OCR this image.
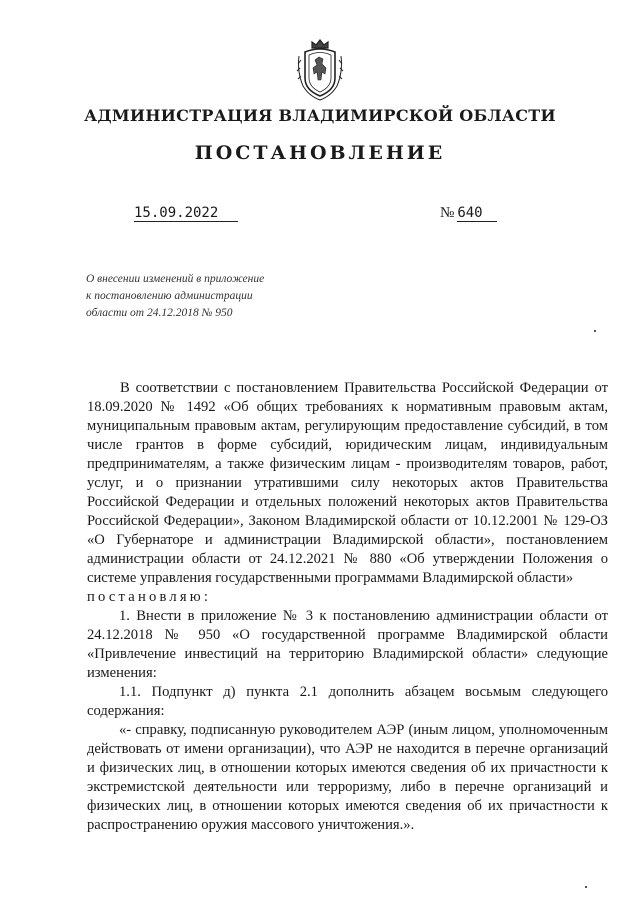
АДМИНИСТРАЦИЯ ВЛАДИМИРСКОЙ ОБЛАСТИ
ПОСТАНОВЛЕНИЕ
15.09.2022	№ 640
О внесении изменений в приложение
к постановлению администрации
области от 24.12.2018 № 950

В соответствии с постановлением Правительства Российской Федерации от 18.09.2020 № 1492 «Об общих требованиях к нормативным правовым актам, муниципальным правовым актам, регулирующим предоставление субсидий, в том числе грантов в форме субсидий, юридическим лицам, индивидуальным предпринимателям, а также физическим лицам - производителям товаров, работ, услуг, и о признании утратившими силу некоторых актов Правительства Российской Федерации и отдельных положений некоторых актов Правительства Российской Федерации», Законом Владимирской области от 10.12.2001 № 129-ОЗ «О Губернаторе и администрации Владимирской области», постановлением администрации области от 24.12.2021 № 880 «Об утверждении Положения о системе управления государственными программами Владимирской области»

постановляю:

1. Внести в приложение № 3 к постановлению администрации области от 24.12.2018 № 950 «О государственной программе Владимирской области «Привлечение инвестиций на территорию Владимирской области» следующие изменения:

1.1. Подпункт д) пункта 2.1 дополнить абзацем восьмым следующего содержания:

«- справку, подписанную руководителем АЭР (иным лицом, уполномоченным действовать от имени организации), что АЭР не находится в перечне организаций и физических лиц, в отношении которых имеются сведения об их причастности к экстремистской деятельности или терроризму, либо в перечне организаций и физических лиц, в отношении которых имеются сведения об их причастности к распространению оружия массового уничтожения.».
